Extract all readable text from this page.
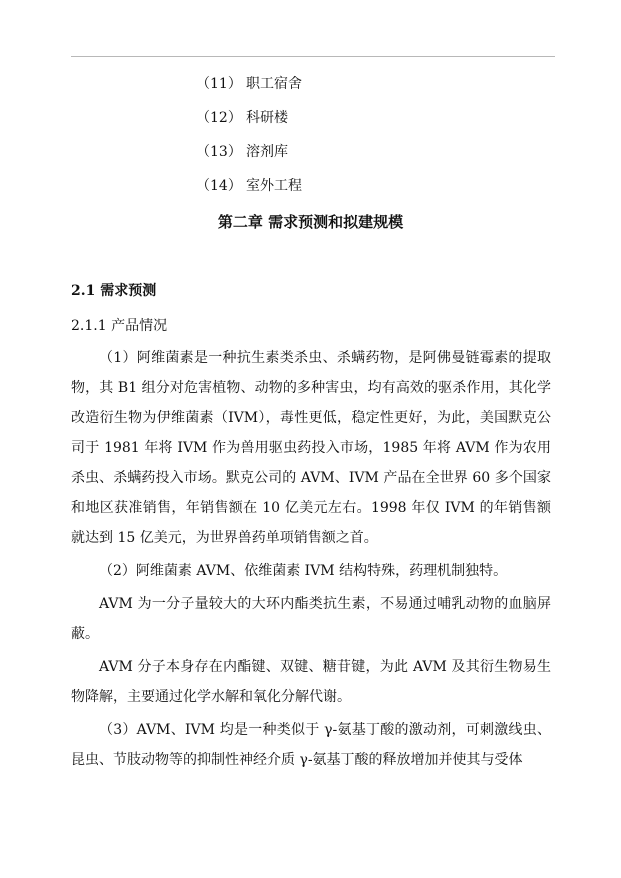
（11） 职工宿舍
（12） 科研楼
（13） 溶剂库
（14） 室外工程
第二章 需求预测和拟建规模
2.1 需求预测
2.1.1 产品情况

（1）阿维菌素是一种抗生素类杀虫、杀螨药物，是阿佛曼链霉素的提取物，其 B1 组分对危害植物、动物的多种害虫，均有高效的驱杀作用，其化学改造衍生物为伊维菌素（IVM），毒性更低，稳定性更好，为此，美国默克公司于 1981 年将 IVM 作为兽用驱虫药投入市场，1985 年将 AVM 作为农用杀虫、杀螨药投入市场。默克公司的 AVM、IVM 产品在全世界 60 多个国家和地区获准销售，年销售额在 10 亿美元左右。1998 年仅 IVM 的年销售额就达到 15 亿美元，为世界兽药单项销售额之首。

（2）阿维菌素 AVM、依维菌素 IVM 结构特殊，药理机制独特。

AVM 为一分子量较大的大环内酯类抗生素，不易通过哺乳动物的血脑屏蔽。

AVM 分子本身存在内酯键、双键、糖苷键，为此 AVM 及其衍生物易生物降解，主要通过化学水解和氧化分解代谢。

（3）AVM、IVM 均是一种类似于 γ-氨基丁酸的激动剂，可刺激线虫、昆虫、节肢动物等的抑制性神经介质 γ-氨基丁酸的释放增加并使其与受体
